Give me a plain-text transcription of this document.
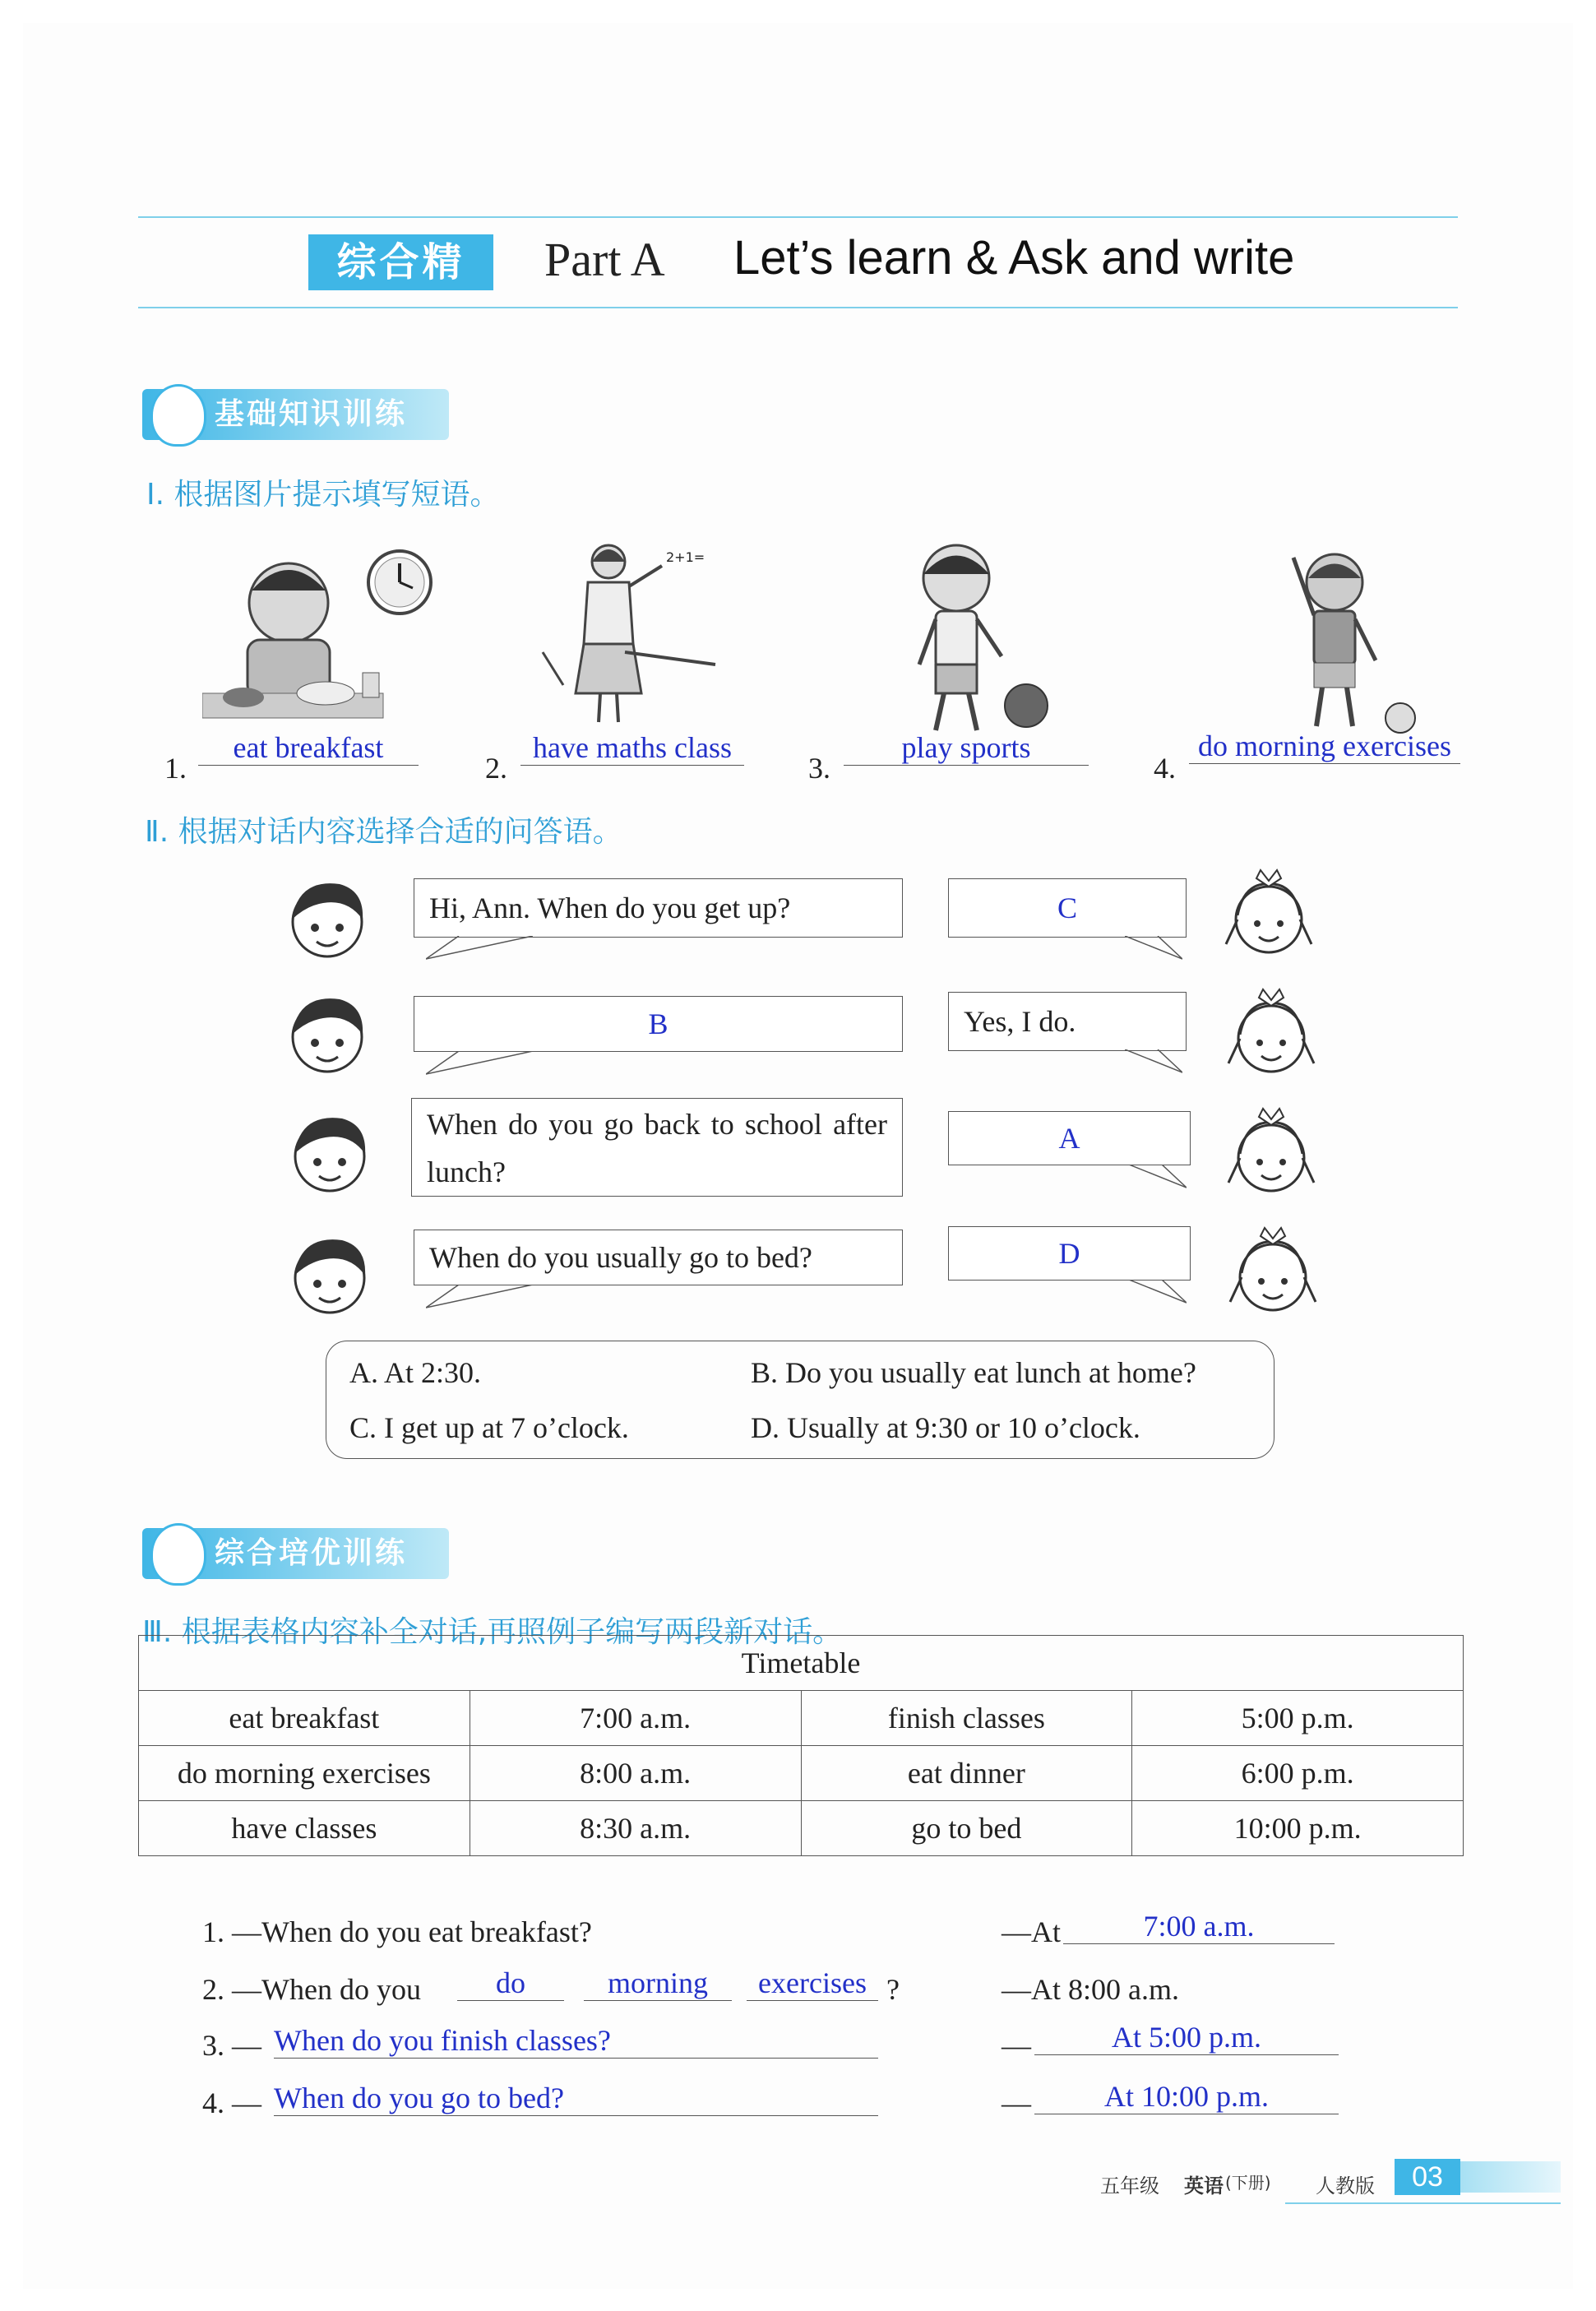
综合精	Part A Let’s learn & Ask and write
基础知识训练
Ⅰ. 根据图片提示填写短语。
2+1=
1.
eat breakfast
2.
have maths class
3.
play sports
4.
do morning exercises
Ⅱ. 根据对话内容选择合适的问答语。
Hi, Ann. When do you get up?	C
B	Yes, I do.
When do you go back to school after lunch?
A
When do you usually go to bed?	D
A. At 2:30.	B. Do you usually eat lunch at home?
C. I get up at 7 o’clock.	D. Usually at 9:30 or 10 o’clock.
综合培优训练
Ⅲ. 根据表格内容补全对话,再照例子编写两段新对话。
Timetable			
eat breakfast	7:00 a.m.	finish classes	5:00 p.m.
do morning exercises	8:00 a.m.	eat dinner	6:00 p.m.
have classes	8:30 a.m.	go to bed	10:00 p.m.
1. —When do you eat breakfast?	—At	7:00 a.m.
2. —When do you	do	morning	exercises ?	—At 8:00 a.m.
3. — When do you finish classes?	—	At 5:00 p.m.
4. — When do you go to bed?	—	At 10:00 p.m.
五年级 英语 (下册) 人教版	03
